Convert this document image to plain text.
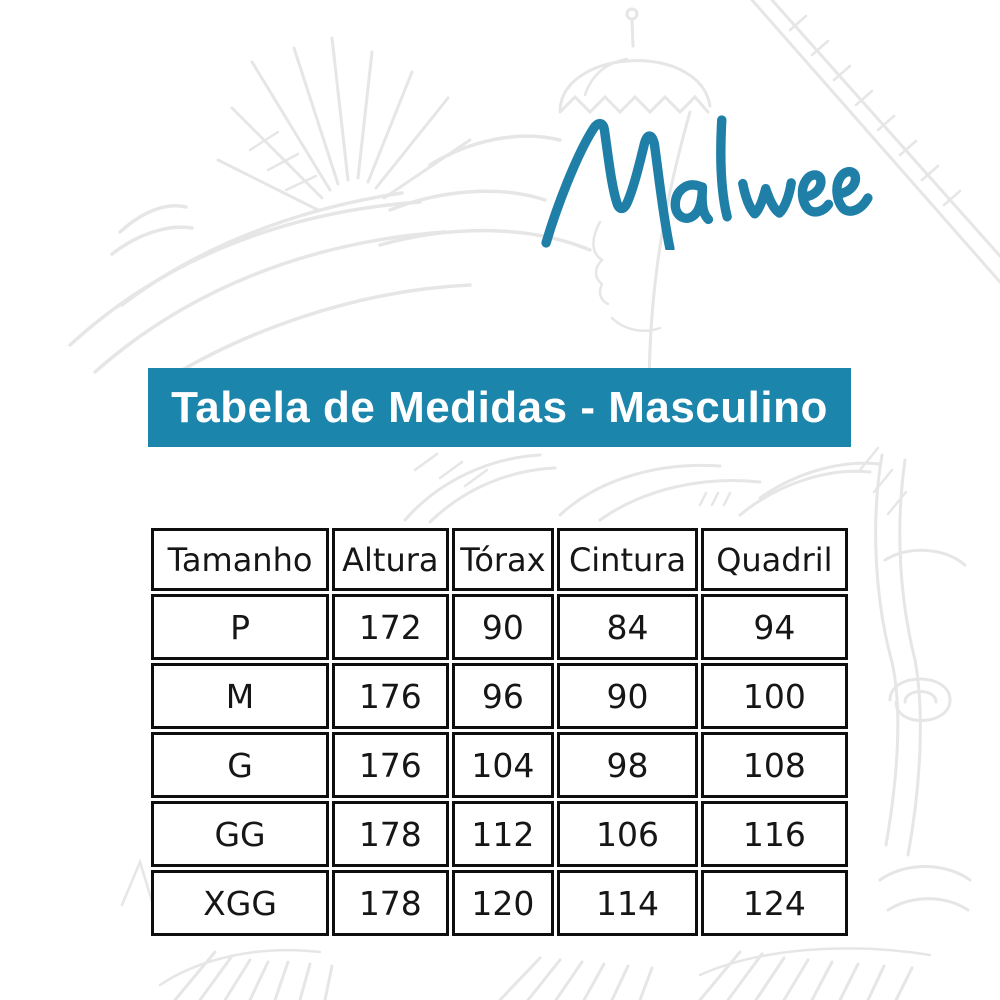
Tabela de Medidas - Masculino
Tamanho	Altura	Tórax	Cintura	Quadril
P	172	90	84	94
M	176	96	90	100
G	176	104	98	108
GG	178	112	106	116
XGG	178	120	114	124
